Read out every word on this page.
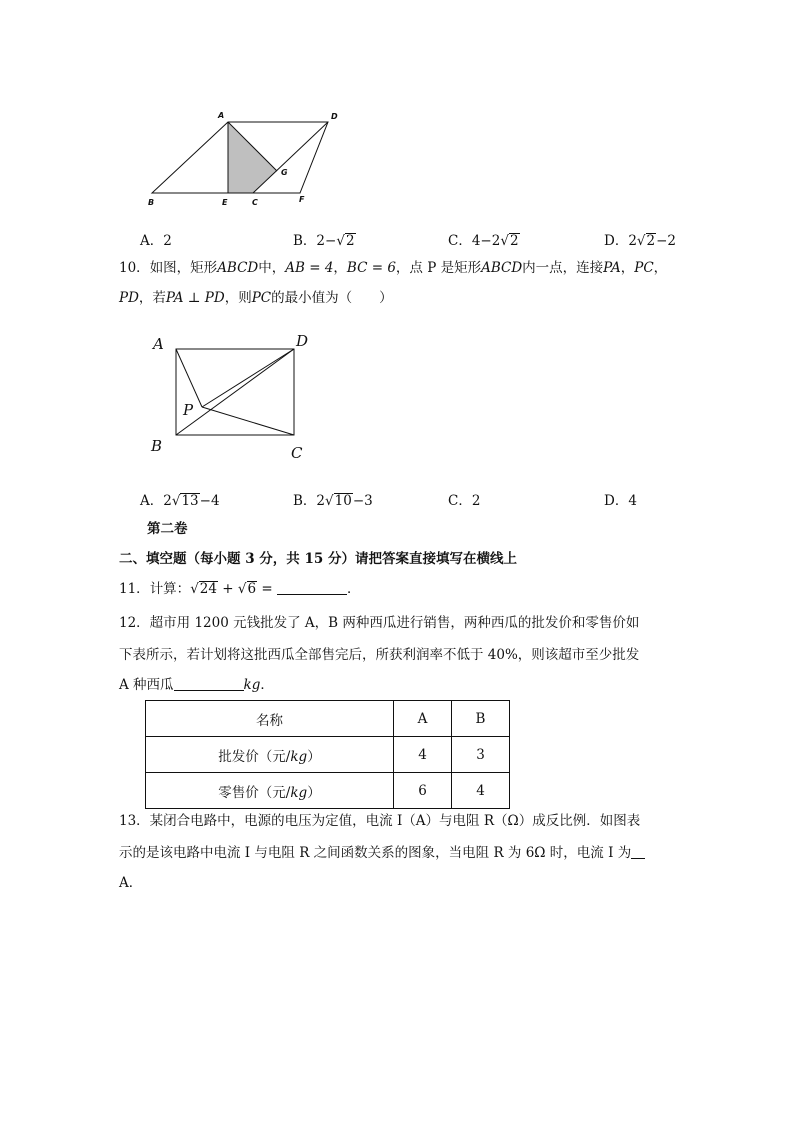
A	D
G
B	E	C	F
A．2	B．2−√2	C．4−2√2	D．2√2−2
10．如图，矩形ABCD中，AB = 4，BC = 6，点 P 是矩形ABCD内一点，连接PA，PC，
PD，若PA ⊥ PD，则PC的最小值为（　　）
A	D
P
B	C
A．2√13−4	B．2√10−3	C．2	D．4
第二卷
二、填空题（每小题 3 分，共 15 分）请把答案直接填写在横线上
11．计算：√24 + √6 =	．
12．超市用 1200 元钱批发了 A，B 两种西瓜进行销售，两种西瓜的批发价和零售价如
下表所示，若计划将这批西瓜全部售完后，所获利润率不低于 40%，则该超市至少批发
A 种西瓜	kg．
名称	A	B
批发价（元/kg）	4	3
零售价（元/kg）	6	4
13．某闭合电路中，电源的电压为定值，电流 I（A）与电阻 R（Ω）成反比例．如图表
示的是该电路中电流 I 与电阻 R 之间函数关系的图象，当电阻 R 为 6Ω 时，电流 I 为
A．
